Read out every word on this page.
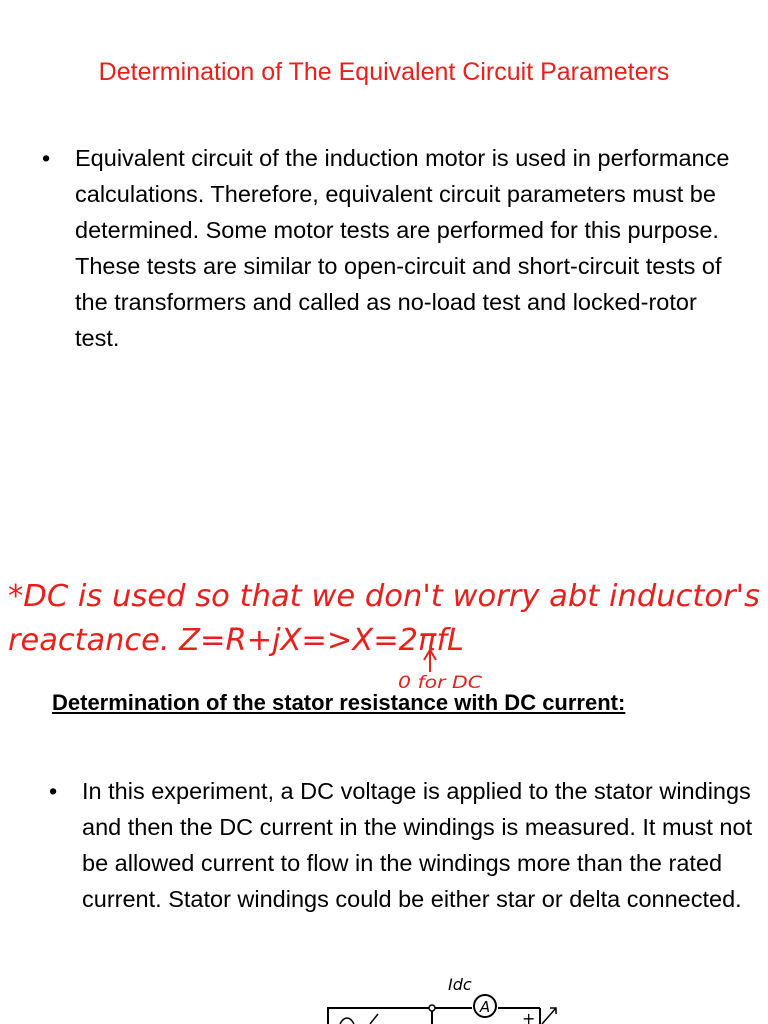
Determination of The Equivalent Circuit Parameters
• Equivalent circuit of the induction motor is used in performance calculations. Therefore, equivalent circuit parameters must be determined. Some motor tests are performed for this purpose. These tests are similar to open-circuit and short-circuit tests of the transformers and called as no-load test and locked-rotor test.
*DC is used so that we don't worry abt inductor's
reactance. Z=R+jX=>X=2πfL
0 for DC
Determination of the stator resistance with DC current:
• In this experiment, a DC voltage is applied to the stator windings and then the DC current in the windings is measured. It must not be allowed current to flow in the windings more than the rated current. Stator windings could be either star or delta connected.
Idc
A
+
